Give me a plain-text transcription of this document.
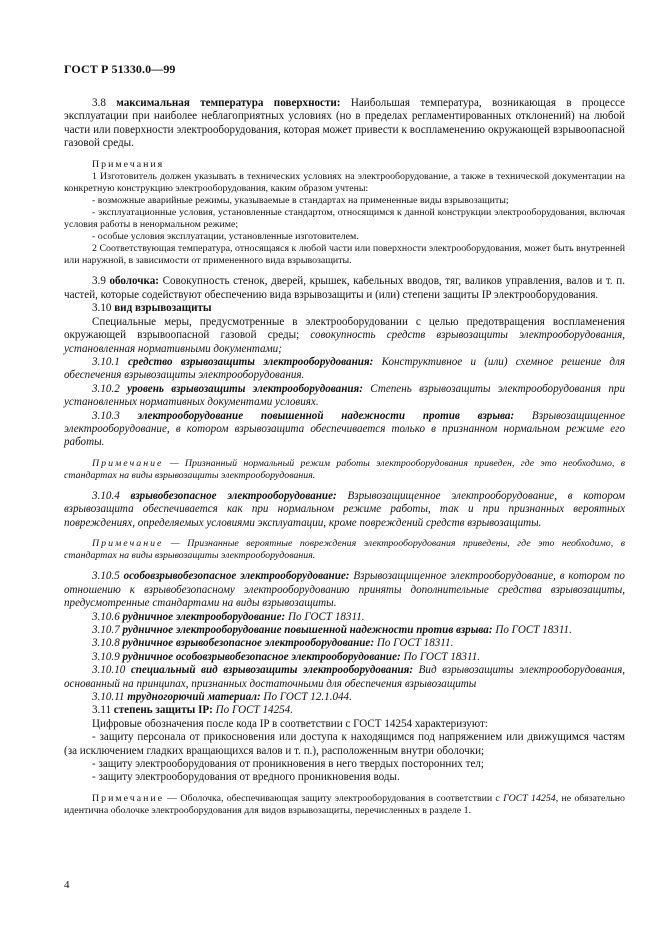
ГОСТ Р 51330.0—99

3.8 максимальная температура поверхности: Наибольшая температура, возникающая в процессе эксплуатации при наиболее неблагоприятных условиях (но в пределах регламентированных отклонений) на любой части или поверхности электрооборудования, которая может привести к воспламенению окружающей взрывоопасной газовой среды.

Примечания

1 Изготовитель должен указывать в технических условиях на электрооборудование, а также в технической документации на конкретную конструкцию электрооборудования, каким образом учтены:

- возможные аварийные режимы, указываемые в стандартах на примененные виды взрывозащиты;

- эксплуатационные условия, установленные стандартом, относящимся к данной конструкции электрооборудования, включая условия работы в ненормальном режиме;

- особые условия эксплуатации, установленные изготовителем.

2 Соответствующая температура, относящаяся к любой части или поверхности электрооборудования, может быть внутренней или наружной, в зависимости от примененного вида взрывозащиты.

3.9 оболочка: Совокупность стенок, дверей, крышек, кабельных вводов, тяг, валиков управления, валов и т. п. частей, которые содействуют обеспечению вида взрывозащиты и (или) степени защиты IP электрооборудования.

3.10 вид взрывозащиты

Специальные меры, предусмотренные в электрооборудовании с целью предотвращения воспламенения окружающей взрывоопасной газовой среды; совокупность средств взрывозащиты электрооборудования, установленная нормативными документами;

3.10.1 средство взрывозащиты электрооборудования: Конструктивное и (или) схемное решение для обеспечения взрывозащиты электрооборудования.

3.10.2 уровень взрывозащиты электрооборудования: Степень взрывозащиты электрооборудования при установленных нормативных документами условиях.

3.10.3 электрооборудование повышенной надежности против взрыва: Взрывозащищенное электрооборудование, в котором взрывозащита обеспечивается только в признанном нормальном режиме его работы.

Примечание — Признанный нормальный режим работы электрооборудования приведен, где это необходимо, в стандартах на виды взрывозащиты электрооборудования.

3.10.4 взрывобезопасное электрооборудование: Взрывозащищенное электрооборудование, в котором взрывозащита обеспечивается как при нормальном режиме работы, так и при признанных вероятных повреждениях, определяемых условиями эксплуатации, кроме повреждений средств взрывозащиты.

Примечание — Признанные вероятные повреждения электрооборудования приведены, где это необходимо, в стандартах на виды взрывозащиты электрооборудования.

3.10.5 особовзрывобезопасное электрооборудование: Взрывозащищенное электрооборудование, в котором по отношению к взрывобезопасному электрооборудованию приняты дополнительные средства взрывозащиты, предусмотренные стандартами на виды взрывозащиты.

3.10.6 рудничное электрооборудование: По ГОСТ 18311.

3.10.7 рудничное электрооборудование повышенной надежности против взрыва: По ГОСТ 18311.

3.10.8 рудничное взрывобезопасное электрооборудование: По ГОСТ 18311.

3.10.9 рудничное особовзрывобезопасное электрооборудование: По ГОСТ 18311.

3.10.10 специальный вид взрывозащиты электрооборудования: Вид взрывозащиты электрооборудования, основанный на принципах, признанных достаточными для обеспечения взрывозащиты

3.10.11 трудногорючий материал: По ГОСТ 12.1.044.

3.11 степень защиты IP: По ГОСТ 14254.

Цифровые обозначения после кода IP в соответствии с ГОСТ 14254 характеризуют:

- защиту персонала от прикосновения или доступа к находящимся под напряжением или движущимся частям (за исключением гладких вращающихся валов и т. п.), расположенным внутри оболочки;

- защиту электрооборудования от проникновения в него твердых посторонних тел;

- защиту электрооборудования от вредного проникновения воды.

Примечание — Оболочка, обеспечивающая защиту электрооборудования в соответствии с ГОСТ 14254, не обязательно идентична оболочке электрооборудования для видов взрывозащиты, перечисленных в разделе 1.

4
